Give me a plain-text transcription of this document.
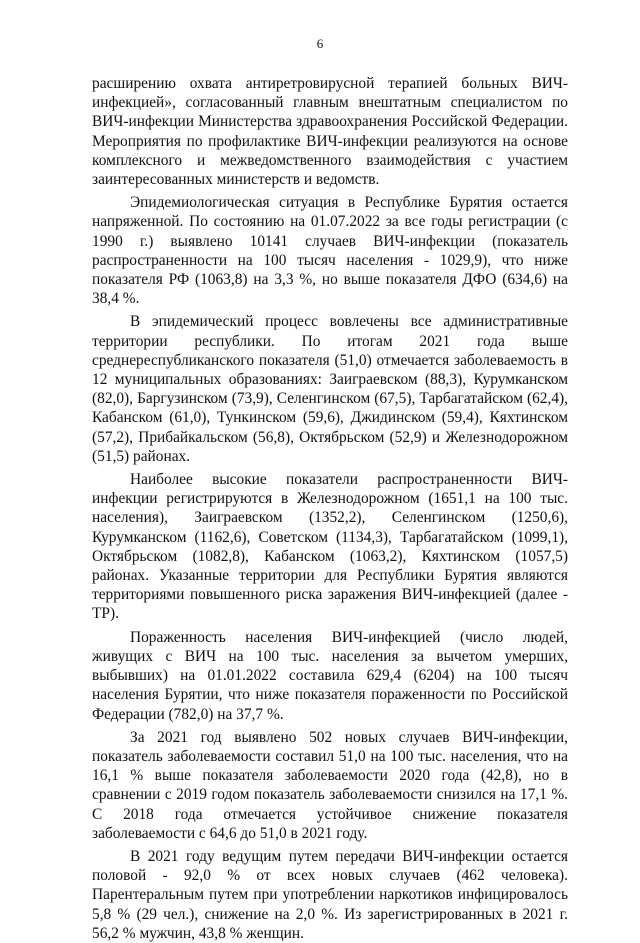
6

расширению охвата антиретровирусной терапией больных ВИЧ-инфекцией», согласованный главным внештатным специалистом по ВИЧ-инфекции Министерства здравоохранения Российской Федерации. Мероприятия по профилактике ВИЧ-инфекции реализуются на основе комплексного и межведомственного взаимодействия с участием заинтересованных министерств и ведомств.

Эпидемиологическая ситуация в Республике Бурятия остается напряженной. По состоянию на 01.07.2022 за все годы регистрации (с 1990 г.) выявлено 10141 случаев ВИЧ-инфекции (показатель распространенности на 100 тысяч населения - 1029,9), что ниже показателя РФ (1063,8) на 3,3 %, но выше показателя ДФО (634,6) на 38,4 %.

В эпидемический процесс вовлечены все административные территории республики. По итогам 2021 года выше среднереспубликанского показателя (51,0) отмечается заболеваемость в 12 муниципальных образованиях: Заиграевском (88,3), Курумканском (82,0), Баргузинском (73,9), Селенгинском (67,5), Тарбагатайском (62,4), Кабанском (61,0), Тункинском (59,6), Джидинском (59,4), Кяхтинском (57,2), Прибайкальском (56,8), Октябрьском (52,9) и Железнодорожном (51,5) районах.

Наиболее высокие показатели распространенности ВИЧ-инфекции регистрируются в Железнодорожном (1651,1 на 100 тыс. населения), Заиграевском (1352,2), Селенгинском (1250,6), Курумканском (1162,6), Советском (1134,3), Тарбагатайском (1099,1), Октябрьском (1082,8), Кабанском (1063,2), Кяхтинском (1057,5) районах. Указанные территории для Республики Бурятия являются территориями повышенного риска заражения ВИЧ-инфекцией (далее - ТР).

Пораженность населения ВИЧ-инфекцией (число людей, живущих с ВИЧ на 100 тыс. населения за вычетом умерших, выбывших) на 01.01.2022 составила 629,4 (6204) на 100 тысяч населения Бурятии, что ниже показателя пораженности по Российской Федерации (782,0) на 37,7 %.

За 2021 год выявлено 502 новых случаев ВИЧ-инфекции, показатель заболеваемости составил 51,0 на 100 тыс. населения, что на 16,1 % выше показателя заболеваемости 2020 года (42,8), но в сравнении с 2019 годом показатель заболеваемости снизился на 17,1 %. С 2018 года отмечается устойчивое снижение показателя заболеваемости с 64,6 до 51,0 в 2021 году.

В 2021 году ведущим путем передачи ВИЧ-инфекции остается половой - 92,0 % от всех новых случаев (462 человека). Парентеральным путем при употреблении наркотиков инфицировалось 5,8 % (29 чел.), снижение на 2,0 %. Из зарегистрированных в 2021 г. 56,2 % мужчин, 43,8 % женщин.
